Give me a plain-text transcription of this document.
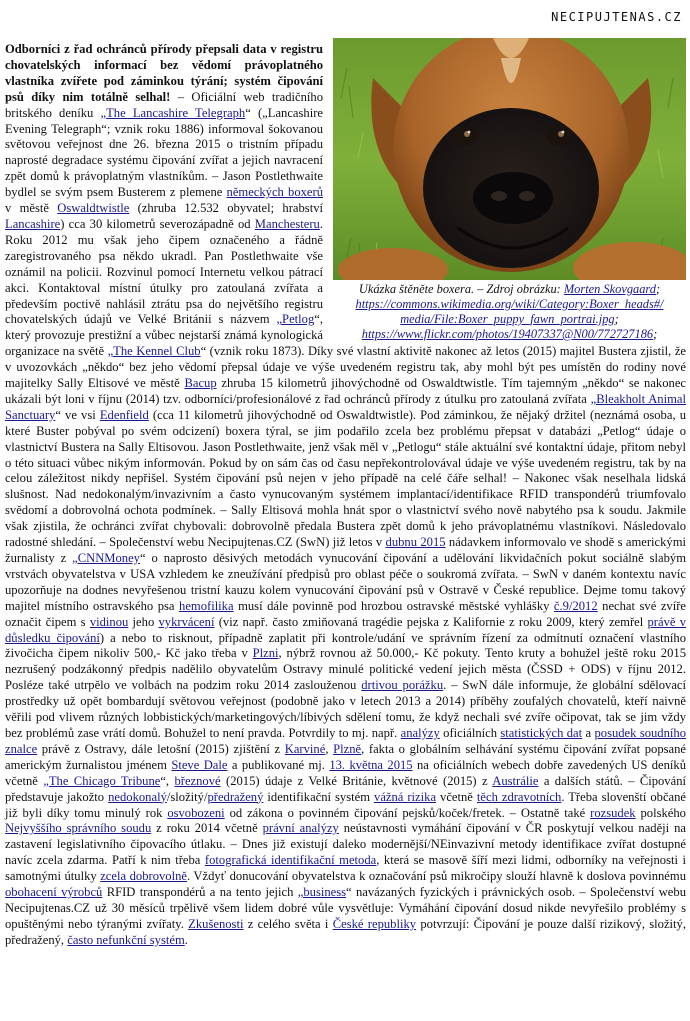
NECIPUJTENAS.CZ
Ukázka štěněte boxera. – Zdroj obrázku: Morten Skovgaard; https://commons.wikimedia.org/wiki/Category:Boxer_heads#/ media/File:Boxer_puppy_fawn_portrai.jpg; https://www.flickr.com/photos/19407337@N00/772727186;
Odborníci z řad ochránců přírody přepsali data v registru chovatelských informací bez vědomí právoplatného vlastníka zvířete pod záminkou týrání; systém čipování psů díky nim totálně selhal! – Oficiální web tradičního britského deníku „The Lancashire Telegraph“ („Lancashire Evening Telegraph“; vznik roku 1886) informoval šokovanou světovou veřejnost dne 26. března 2015 o tristním případu naprosté degradace systému čipování zvířat a jejich navracení zpět domů k právoplatným vlastníkům. – Jason Postlethwaite bydlel se svým psem Busterem z plemene německých boxerů v městě Oswaldtwistle (zhruba 12.532 obyvatel; hrabství Lancashire) cca 30 kilometrů severozápadně od Manchesteru. Roku 2012 mu však jeho čipem označeného a řádně zaregistrovaného psa někdo ukradl. Pan Postlethwaite vše oznámil na policii. Rozvinul pomocí Internetu velkou pátrací akci. Kontaktoval místní útulky pro zatoulaná zvířata a především poctivě nahlásil ztrátu psa do největšího registru chovatelských údajů ve Velké Británii s názvem „Petlog“, který provozuje prestižní a vůbec nejstarší známá kynologická organizace na světě „The Kennel Club“ (vznik roku 1873). Díky své vlastní aktivitě nakonec až letos (2015) majitel Bustera zjistil, že v uvozovkách „někdo“ bez jeho vědomí přepsal údaje ve výše uvedeném registru tak, aby mohl být pes umístěn do rodiny nové majitelky Sally Eltisové ve městě Bacup zhruba 15 kilometrů jihovýchodně od Oswaldtwistle. Tím tajemným „někdo“ se nakonec ukázali být loni v říjnu (2014) tzv. odborníci/profesionálové z řad ochránců přírody z útulku pro zatoulaná zvířata „Bleakholt Animal Sanctuary“ ve vsi Edenfield (cca 11 kilometrů jihovýchodně od Oswaldtwistle). Pod záminkou, že nějaký držitel (neznámá osoba, u které Buster pobýval po svém odcizení) boxera týral, se jim podařilo zcela bez problému přepsat v databázi „Petlog“ údaje o vlastnictví Bustera na Sally Eltisovou. Jason Postlethwaite, jenž však měl v „Petlogu“ stále aktuální své kontaktní údaje, přitom nebyl o této situaci vůbec nikým informován. Pokud by on sám čas od času nepřekontrolovával údaje ve výše uvedeném registru, tak by na celou záležitost nikdy nepřišel. Systém čipování psů nejen v jeho případě na celé čáře selhal! – Nakonec však neselhala lidská slušnost. Nad nedokonalým/invazivním a často vynucovaným systémem implantací/identifikace RFID transpondérů triumfovalo svědomí a dobrovolná ochota podmínek. – Sally Eltisová mohla hnát spor o vlastnictví svého nově nabytého psa k soudu. Jakmile však zjistila, že ochránci zvířat chybovali: dobrovolně předala Bustera zpět domů k jeho právoplatnému vlastníkovi. Následovalo radostné shledání. – Společenství webu Necipujtenas.CZ (SwN) již letos v dubnu 2015 nádavkem informovalo ve shodě s americkými žurnalisty z „CNNMoney“ o naprosto děsivých metodách vynucování čipování a udělování likvidačních pokut sociálně slabým vrstvách obyvatelstva v USA vzhledem ke zneužívání předpisů pro oblast péče o soukromá zvířata. – SwN v daném kontextu navíc upozorňuje na dodnes nevyřešenou tristní kauzu kolem vynucování čipování psů v Ostravě v České republice. Dejme tomu takový majitel místního ostravského psa hemofilika musí dále povinně pod hrozbou ostravské městské vyhlášky č.9/2012 nechat své zvíře označit čipem s vidinou jeho vykrvácení (viz např. často zmiňovaná tragédie pejska z Kalifornie z roku 2009, který zemřel právě v důsledku čipování) a nebo to risknout, případně zaplatit při kontrole/udání ve správním řízení za odmítnutí označení vlastního živočicha čipem nikoliv 500,- Kč jako třeba v Plzni, nýbrž rovnou až 50.000,- Kč pokuty. Tento kruty a bohužel ještě roku 2015 nezrušený podzákonný předpis nadělilo obyvatelům Ostravy minulé politické vedení jejich města (ČSSD + ODS) v říjnu 2012. Posléze také utrpělo ve volbách na podzim roku 2014 zaslouženou drtivou porážku. – SwN dále informuje, že globální sdělovací prostředky už opět bombardují světovou veřejnost (podobně jako v letech 2013 a 2014) příběhy zoufalých chovatelů, kteří naivně věřili pod vlivem různých lobbistických/marketingových/líbivých sdělení tomu, že když nechali své zvíře očipovat, tak se jim vždy bez problémů zase vrátí domů. Bohužel to není pravda. Potvrdily to mj. např. analýzy oficiálních statistických dat a posudek soudního znalce právě z Ostravy, dále letošní (2015) zjištění z Karviné, Plzně, fakta o globálním selhávání systému čipování zvířat popsané americkým žurnalistou jménem Steve Dale a publikované mj. 13. května 2015 na oficiálních webech dobře zavedených US deníků včetně „The Chicago Tribune“, březnové (2015) údaje z Velké Británie, květnové (2015) z Austrálie a dalších států. – Čipování představuje jakožto nedokonalý/složitý/předražený identifikační systém vážná rizika včetně těch zdravotních. Třeba slovenští občané již byli díky tomu minulý rok osvobozeni od zákona o povinném čipování pejsků/koček/fretek. – Ostatně také rozsudek polského Nejvyššího správního soudu z roku 2014 včetně právní analýzy neústavnosti vymáhání čipování v ČR poskytují velkou naději na zastavení legislativního čipovacího útlaku. – Dnes již existují daleko modernější/NEinvazivní metody identifikace zvířat dostupné navíc zcela zdarma. Patří k nim třeba fotografická identifikační metoda, která se masově šíří mezi lidmi, odborníky na veřejnosti i samotnými útulky zcela dobrovolně. Vždyť donucování obyvatelstva k označování psů mikročipy slouží hlavně k doslova povinnému obohacení výrobců RFID transpondérů a na tento jejich „business“ navázaných fyzických i právnických osob. – Společenství webu Necipujtenas.CZ už 30 měsíců trpělivě všem lidem dobré vůle vysvětluje: Vymáhání čipování dosud nikde nevyřešilo problémy s opuštěnými nebo týranými zvířaty. Zkušenosti z celého světa i České republiky potvrzují: Čipování je pouze další rizikový, složitý, předražený, často nefunkční systém.
